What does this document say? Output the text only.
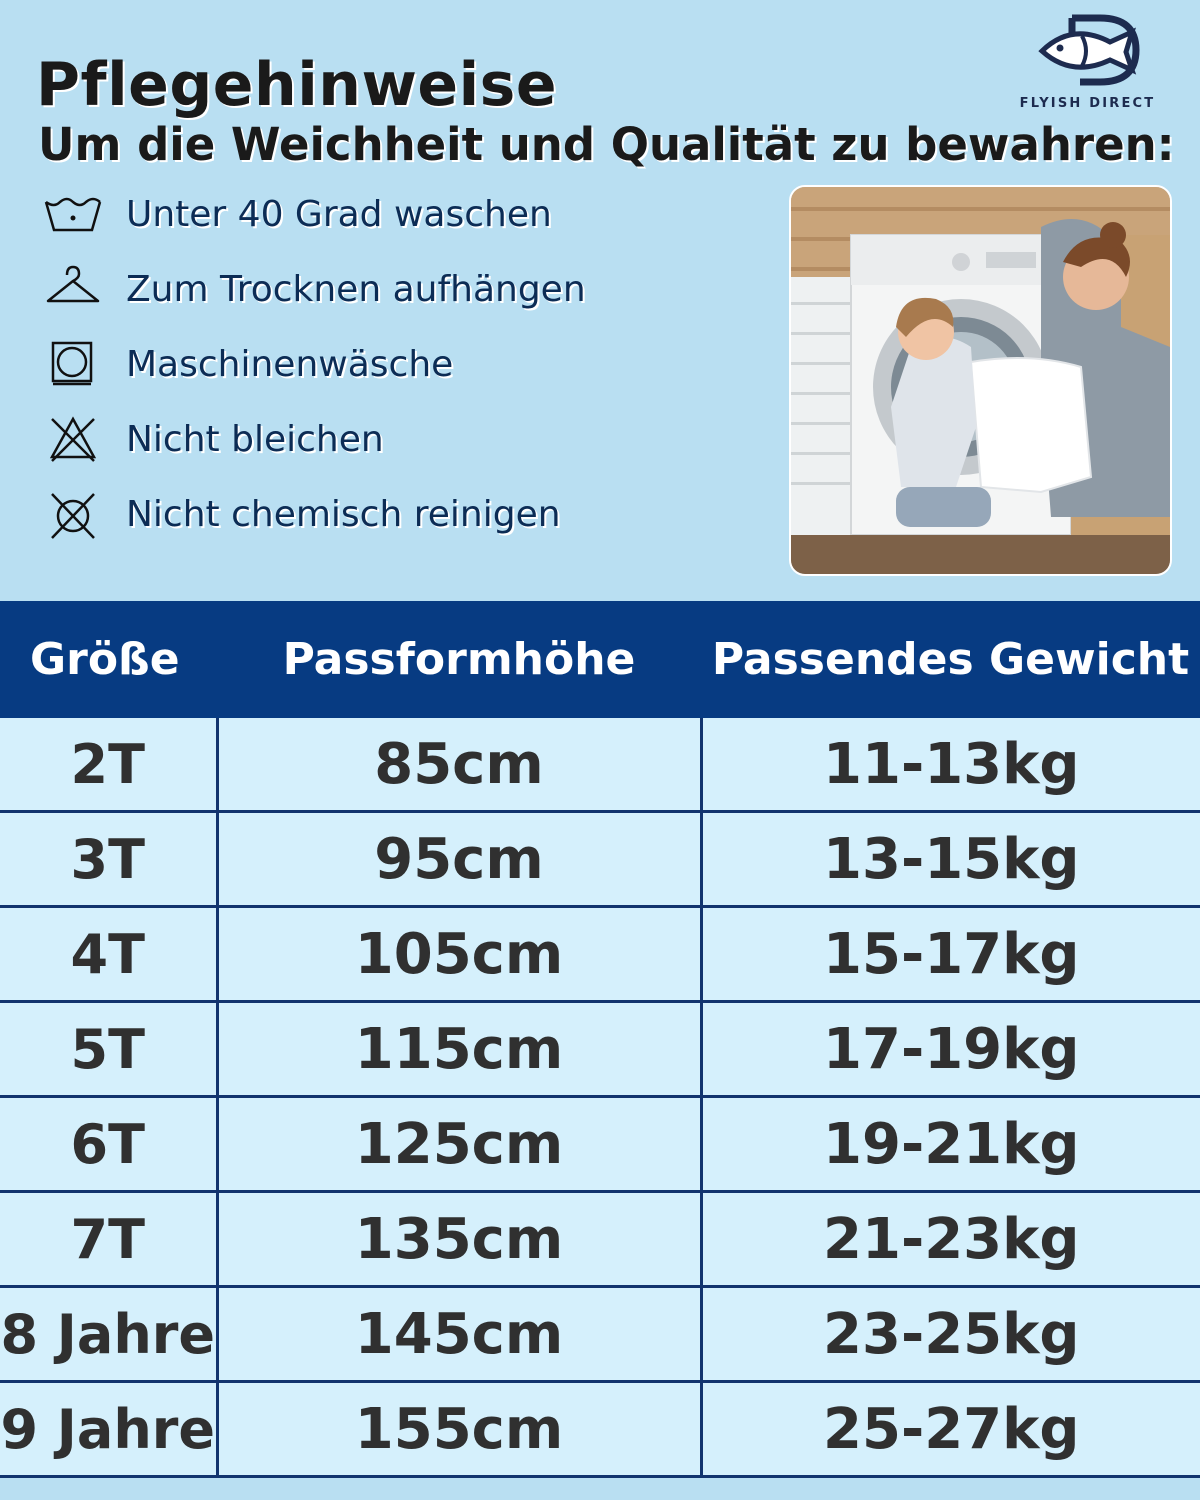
Pflegehinweise
Um die Weichheit und Qualität zu bewahren:
FLYISH DIRECT
Unter 40 Grad waschen
Zum Trocknen aufhängen
Maschinenwäsche
Nicht bleichen
Nicht chemisch reinigen
Größe	Passformhöhe	Passendes Gewicht
2T	85cm	11-13kg
3T	95cm	13-15kg
4T	105cm	15-17kg
5T	115cm	17-19kg
6T	125cm	19-21kg
7T	135cm	21-23kg
8 Jahre	145cm	23-25kg
9 Jahre	155cm	25-27kg
